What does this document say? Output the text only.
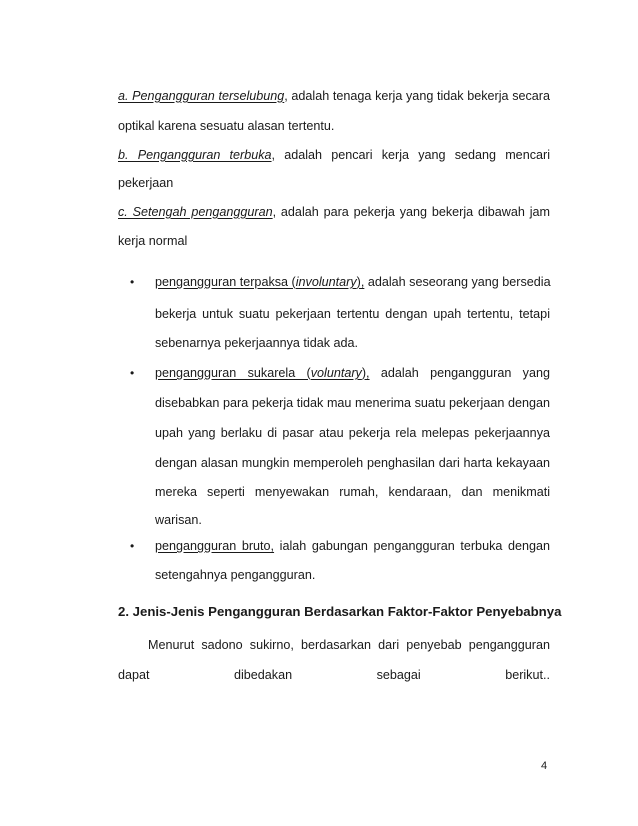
a. Pengangguran terselubung, adalah tenaga kerja yang tidak bekerja secara
optikal karena sesuatu alasan tertentu.
b. Pengangguran terbuka, adalah pencari kerja yang sedang mencari
pekerjaan
c. Setengah pengangguran, adalah para pekerja yang bekerja dibawah jam
kerja normal
• pengangguran terpaksa (involuntary), adalah seseorang yang bersedia
bekerja untuk suatu pekerjaan tertentu dengan upah tertentu, tetapi
sebenarnya pekerjaannya tidak ada.
• pengangguran sukarela (voluntary), adalah pengangguran yang
disebabkan para pekerja tidak mau menerima suatu pekerjaan dengan
upah yang berlaku di pasar atau pekerja rela melepas pekerjaannya
dengan alasan mungkin memperoleh penghasilan dari harta kekayaan
mereka seperti menyewakan rumah, kendaraan, dan menikmati
warisan.
• pengangguran bruto, ialah gabungan pengangguran terbuka dengan
setengahnya pengangguran.
2. Jenis-Jenis Pengangguran Berdasarkan Faktor-Faktor Penyebabnya
Menurut sadono sukirno, berdasarkan dari penyebab pengangguran
dapat dibedakan sebagai berikut..
4
